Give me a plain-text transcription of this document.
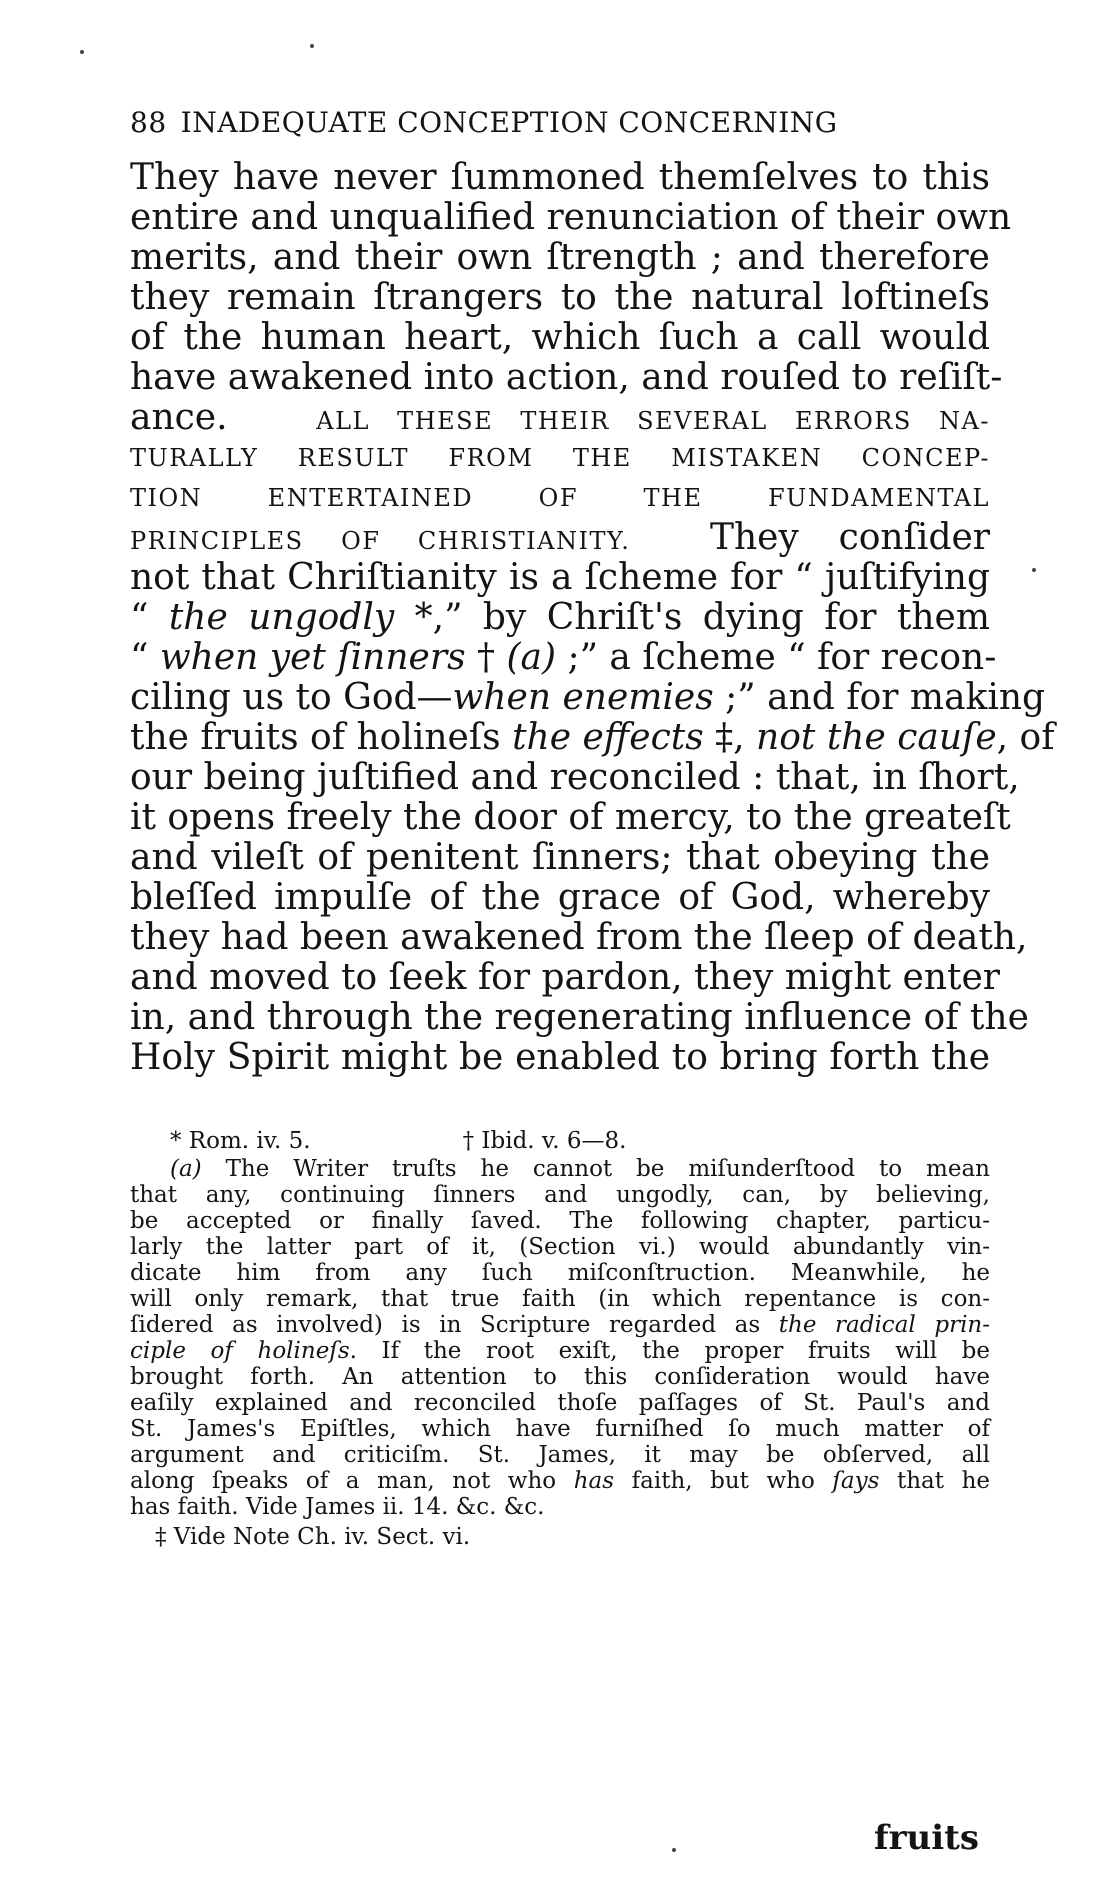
88 INADEQUATE CONCEPTION CONCERNING
They have never ſummoned themſelves to this
entire and unqualified renunciation of their own
merits, and their own ſtrength ; and therefore
they remain ſtrangers to the natural loftineſs
of the human heart, which ſuch a call would
have awakened into action, and rouſed to reſiſt-
ance.	ALL THESE THEIR SEVERAL ERRORS NA-
TURALLY RESULT FROM THE MISTAKEN CONCEP-
TION ENTERTAINED OF THE FUNDAMENTAL
PRINCIPLES OF CHRISTIANITY. They conſider
not that Chriſtianity is a ſcheme for “ juſtifying
“ the ungodly *,” by Chriſt's dying for them
“ when yet ſinners † (a) ;” a ſcheme “ for recon-
ciling us to God—when enemies ;” and for making
the fruits of holineſs the effects ‡, not the cauſe, of
our being juſtified and reconciled : that, in ſhort,
it opens freely the door of mercy, to the greateſt
and vileſt of penitent ſinners; that obeying the
bleſſed impulſe of the grace of God, whereby
they had been awakened from the ſleep of death,
and moved to ſeek for pardon, they might enter
in, and through the regenerating influence of the
Holy Spirit might be enabled to bring forth the
* Rom. iv. 5.	† Ibid. v. 6—8.
(a) The Writer truſts he cannot be miſunderſtood to mean
that any, continuing ſinners and ungodly, can, by believing,
be accepted or finally ſaved. The following chapter, particu-
larly the latter part of it, (Section vi.) would abundantly vin-
dicate him from any ſuch miſconſtruction. Meanwhile, he
will only remark, that true faith (in which repentance is con-
ſidered as involved) is in Scripture regarded as the radical prin-
ciple of holineſs. If the root exiſt, the proper fruits will be
brought forth. An attention to this conſideration would have
eaſily explained and reconciled thoſe paſſages of St. Paul's and
St. James's Epiſtles, which have furniſhed ſo much matter of
argument and criticiſm. St. James, it may be obſerved, all
along ſpeaks of a man, not who has faith, but who ſays that he
has faith. Vide James ii. 14. &c. &c.
‡ Vide Note Ch. iv. Sect. vi.
fruits
